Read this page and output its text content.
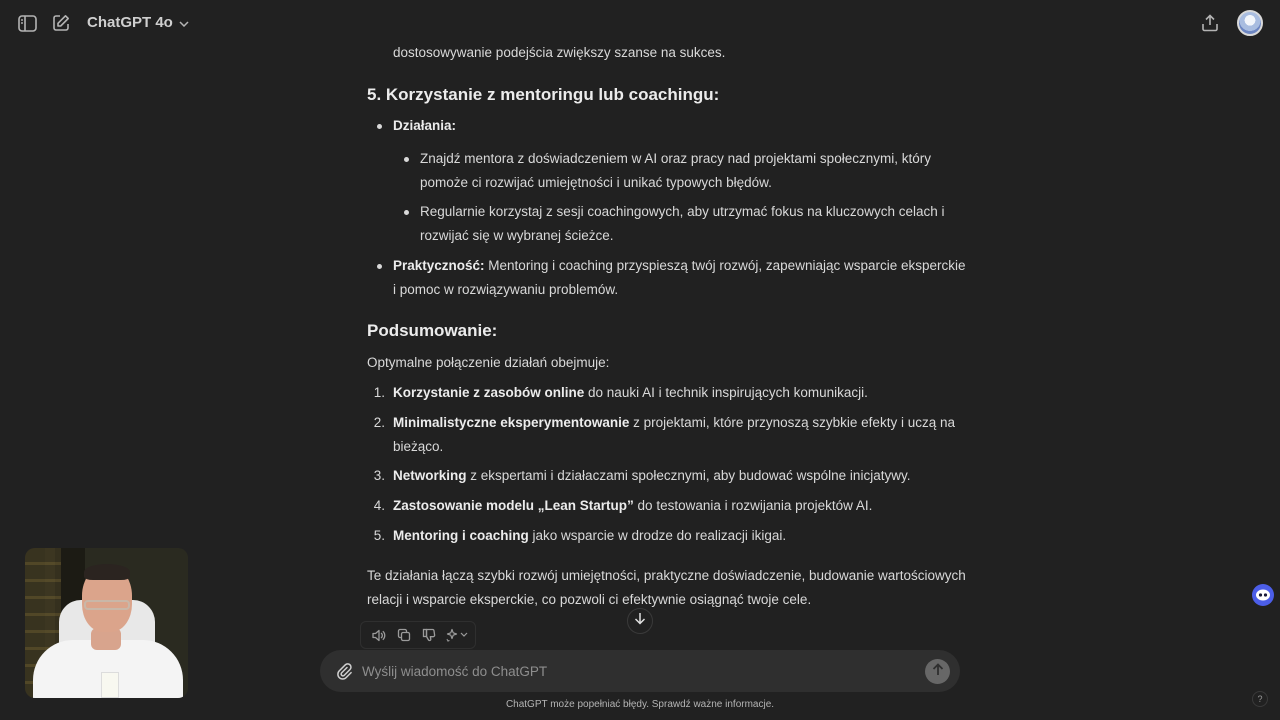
ChatGPT 4o
dostosowywanie podejścia zwiększy szanse na sukces.
5. Korzystanie z mentoringu lub coachingu:
Działania:
Znajdź mentora z doświadczeniem w AI oraz pracy nad projektami społecznymi, który
pomoże ci rozwijać umiejętności i unikać typowych błędów.
Regularnie korzystaj z sesji coachingowych, aby utrzymać fokus na kluczowych celach i
rozwijać się w wybranej ścieżce.
Praktyczność: Mentoring i coaching przyspieszą twój rozwój, zapewniając wsparcie eksperckie
i pomoc w rozwiązywaniu problemów.
Podsumowanie:
Optymalne połączenie działań obejmuje:
1. Korzystanie z zasobów online do nauki AI i technik inspirujących komunikacji.
2. Minimalistyczne eksperymentowanie z projektami, które przynoszą szybkie efekty i uczą na
bieżąco.
3. Networking z ekspertami i działaczami społecznymi, aby budować wspólne inicjatywy.
4. Zastosowanie modelu „Lean Startup” do testowania i rozwijania projektów AI.
5. Mentoring i coaching jako wsparcie w drodze do realizacji ikigai.
Te działania łączą szybki rozwój umiejętności, praktyczne doświadczenie, budowanie wartościowych
relacji i wsparcie eksperckie, co pozwoli ci efektywnie osiągnąć twoje cele.
Wyślij wiadomość do ChatGPT
ChatGPT może popełniać błędy. Sprawdź ważne informacje.	?
